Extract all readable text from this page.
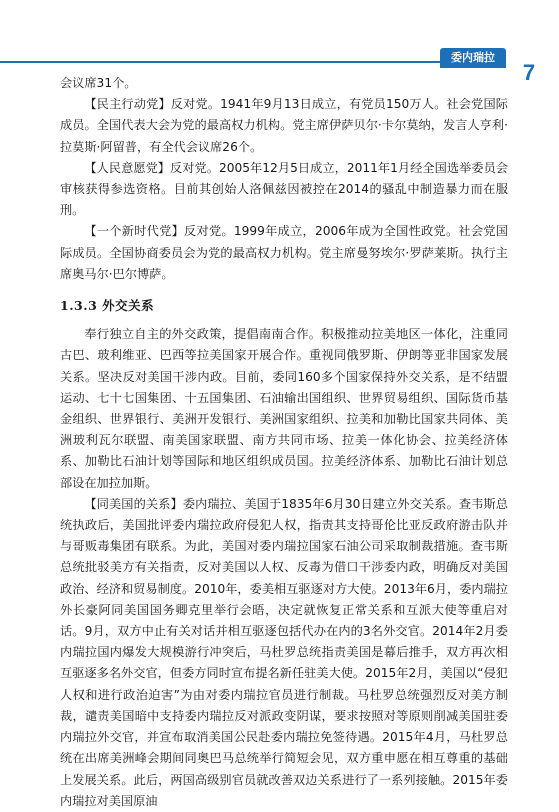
委内瑞拉
7

会议席31个。

【民主行动党】反对党。1941年9月13日成立，有党员150万人。社会党国际成员。全国代表大会为党的最高权力机构。党主席伊萨贝尔·卡尔莫纳，发言人亨利·拉莫斯·阿留普，有全代会议席26个。

【人民意愿党】反对党。2005年12月5日成立，2011年1月经全国选举委员会审核获得参选资格。目前其创始人洛佩兹因被控在2014的骚乱中制造暴力而在服刑。

【一个新时代党】反对党。1999年成立，2006年成为全国性政党。社会党国际成员。全国协商委员会为党的最高权力机构。党主席曼努埃尔·罗萨莱斯。执行主席奥马尔·巴尔博萨。

1.3.3 外交关系

奉行独立自主的外交政策，提倡南南合作。积极推动拉美地区一体化，注重同古巴、玻利维亚、巴西等拉美国家开展合作。重视同俄罗斯、伊朗等亚非国家发展关系。坚决反对美国干涉内政。目前，委同160多个国家保持外交关系，是不结盟运动、七十七国集团、十五国集团、石油输出国组织、世界贸易组织、国际货币基金组织、世界银行、美洲开发银行、美洲国家组织、拉美和加勒比国家共同体、美洲玻利瓦尔联盟、南美国家联盟、南方共同市场、拉美一体化协会、拉美经济体系、加勒比石油计划等国际和地区组织成员国。拉美经济体系、加勒比石油计划总部设在加拉加斯。

【同美国的关系】委内瑞拉、美国于1835年6月30日建立外交关系。查韦斯总统执政后，美国批评委内瑞拉政府侵犯人权，指责其支持哥伦比亚反政府游击队并与哥贩毒集团有联系。为此，美国对委内瑞拉国家石油公司采取制裁措施。查韦斯总统批驳美方有关指责，反对美国以人权、反毒为借口干涉委内政，明确反对美国政治、经济和贸易制度。2010年，委美相互驱逐对方大使。2013年6月，委内瑞拉外长豪阿同美国国务卿克里举行会晤，决定就恢复正常关系和互派大使等重启对话。9月，双方中止有关对话并相互驱逐包括代办在内的3名外交官。2014年2月委内瑞拉国内爆发大规模游行冲突后，马杜罗总统指责美国是幕后推手，双方再次相互驱逐多名外交官，但委方同时宣布提名新任驻美大使。2015年2月，美国以“侵犯人权和进行政治迫害”为由对委内瑞拉官员进行制裁。马杜罗总统强烈反对美方制裁，谴责美国暗中支持委内瑞拉反对派政变阴谋，要求按照对等原则削减美国驻委内瑞拉外交官，并宣布取消美国公民赴委内瑞拉免签待遇。2015年4月，马杜罗总统在出席美洲峰会期间同奥巴马总统举行简短会见，双方重申愿在相互尊重的基础上发展关系。此后，两国高级别官员就改善双边关系进行了一系列接触。2015年委内瑞拉对美国原油
